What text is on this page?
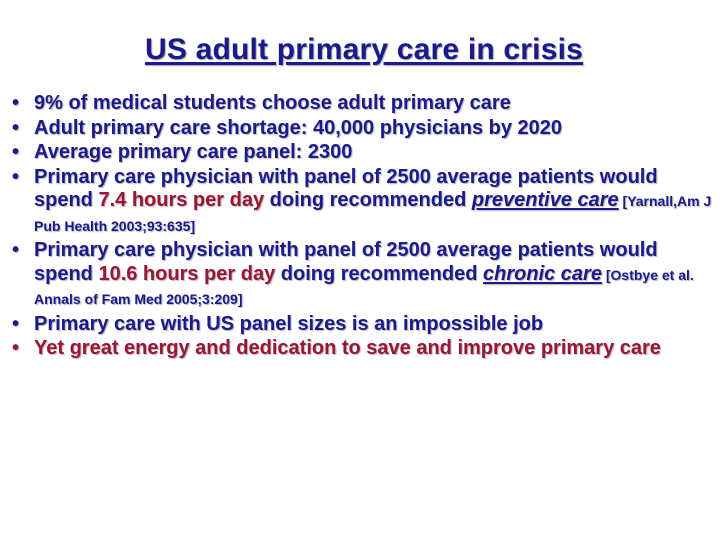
US adult primary care in crisis
• 9% of medical students choose adult primary care
• Adult primary care shortage: 40,000 physicians by 2020
• Average primary care panel: 2300
• Primary care physician with panel of 2500 average patients would spend 7.4 hours per day doing recommended preventive care [Yarnall,Am J Pub Health 2003;93:635]
• Primary care physician with panel of 2500 average patients would spend 10.6 hours per day doing recommended chronic care [Ostbye et al. Annals of Fam Med 2005;3:209]
• Primary care with US panel sizes is an impossible job
• Yet great energy and dedication to save and improve primary care
